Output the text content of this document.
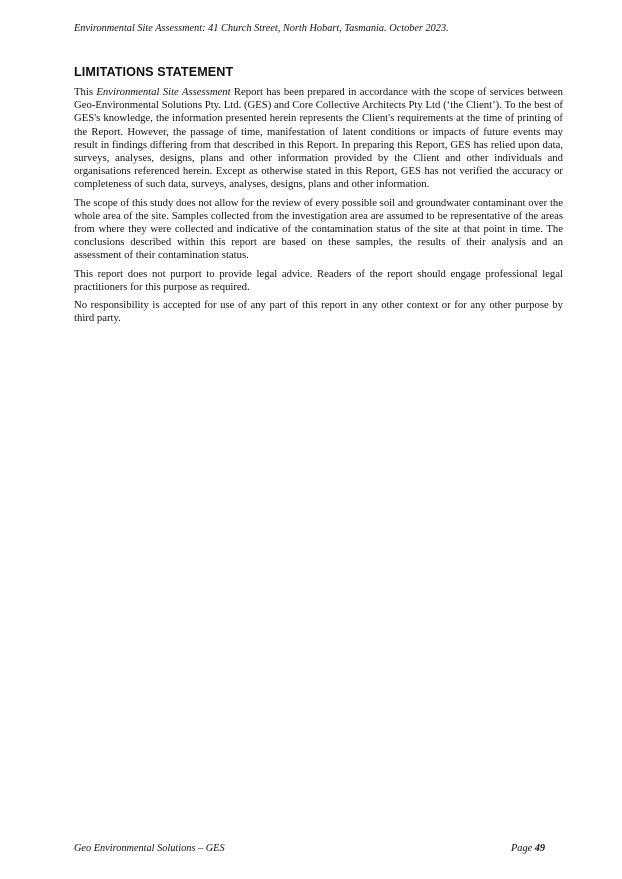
Environmental Site Assessment: 41 Church Street, North Hobart, Tasmania. October 2023.
LIMITATIONS STATEMENT

This Environmental Site Assessment Report has been prepared in accordance with the scope of services between Geo-Environmental Solutions Pty. Ltd. (GES) and Core Collective Architects Pty Ltd (‘the Client’). To the best of GES's knowledge, the information presented herein represents the Client's requirements at the time of printing of the Report. However, the passage of time, manifestation of latent conditions or impacts of future events may result in findings differing from that described in this Report. In preparing this Report, GES has relied upon data, surveys, analyses, designs, plans and other information provided by the Client and other individuals and organisations referenced herein. Except as otherwise stated in this Report, GES has not verified the accuracy or completeness of such data, surveys, analyses, designs, plans and other information.

The scope of this study does not allow for the review of every possible soil and groundwater contaminant over the whole area of the site. Samples collected from the investigation area are assumed to be representative of the areas from where they were collected and indicative of the contamination status of the site at that point in time. The conclusions described within this report are based on these samples, the results of their analysis and an assessment of their contamination status.

This report does not purport to provide legal advice. Readers of the report should engage professional legal practitioners for this purpose as required.

No responsibility is accepted for use of any part of this report in any other context or for any other purpose by third party.

Geo Environmental Solutions – GES	Page 49
